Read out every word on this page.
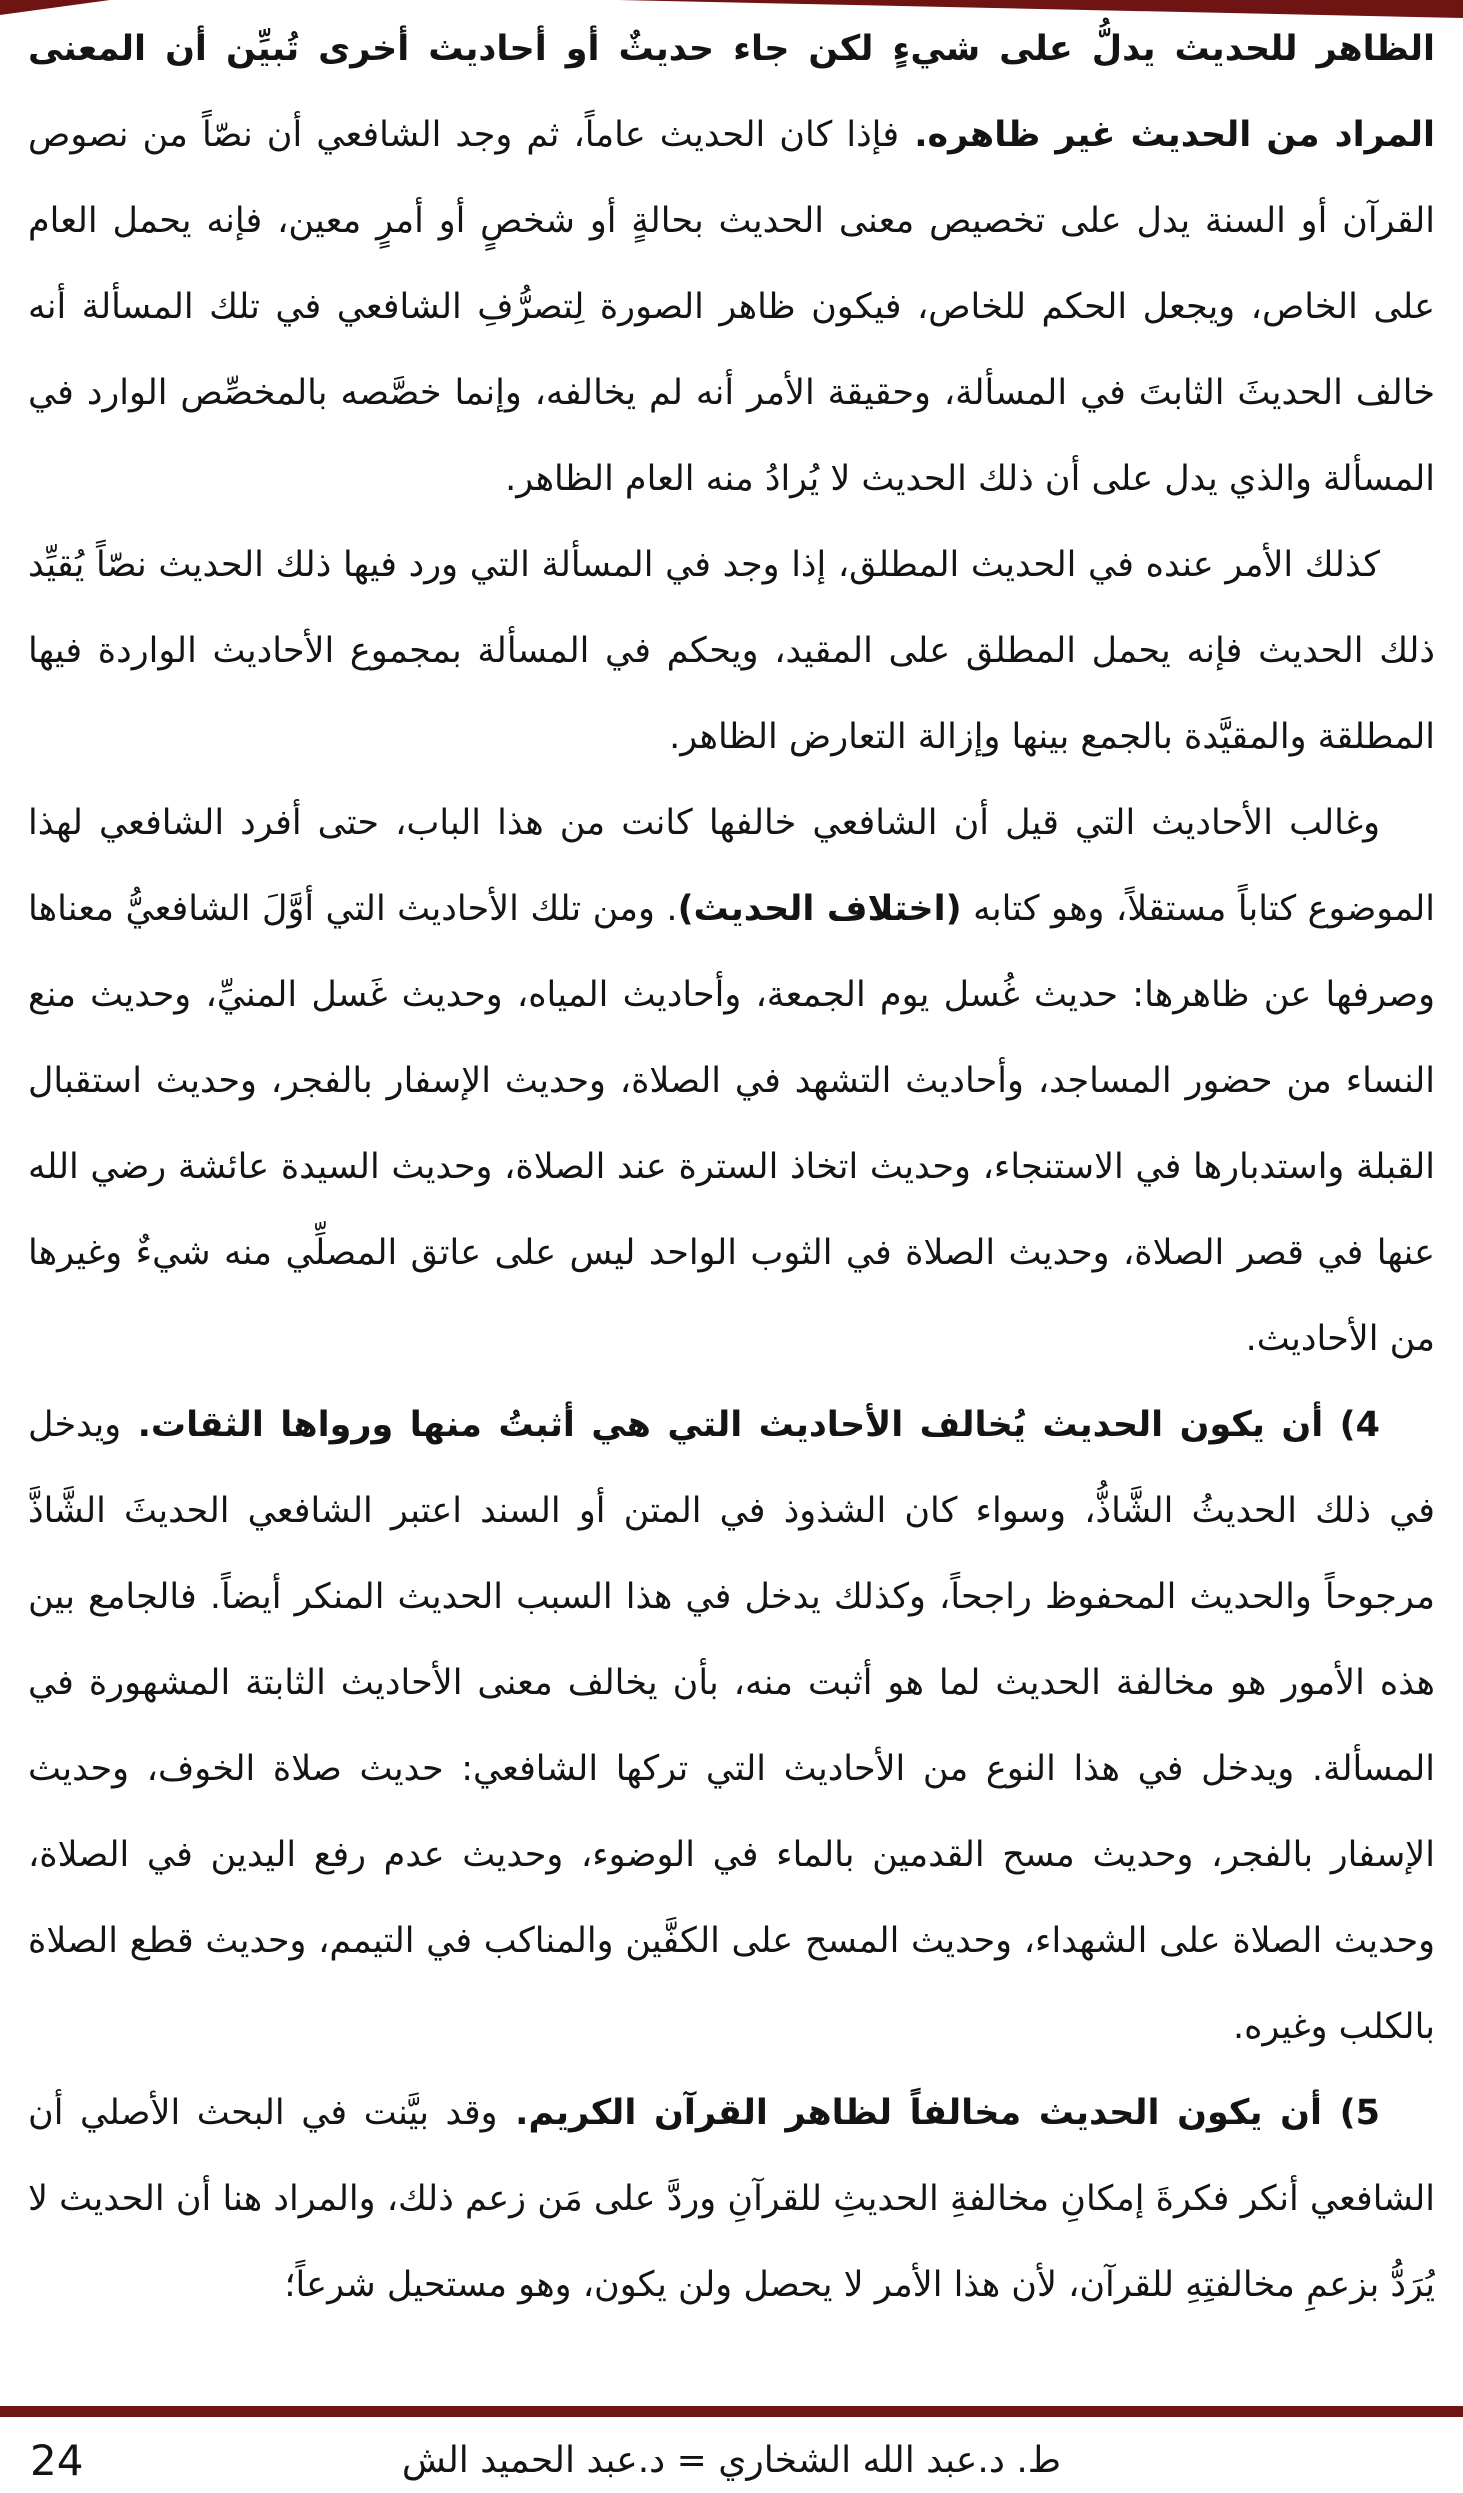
الظاهر للحديث يدلُّ على شيءٍ لكن جاء حديثٌ أو أحاديث أخرى تُبيِّن أن المعنى المراد من الحديث غير ظاهره. فإذا كان الحديث عاماً، ثم وجد الشافعي أن نصّاً من نصوص القرآن أو السنة يدل على تخصيص معنى الحديث بحالةٍ أو شخصٍ أو أمرٍ معين، فإنه يحمل العام على الخاص، ويجعل الحكم للخاص، فيكون ظاهر الصورة لِتصرُّفِ الشافعي في تلك المسألة أنه خالف الحديثَ الثابتَ في المسألة، وحقيقة الأمر أنه لم يخالفه، وإنما خصَّصه بالمخصِّص الوارد في المسألة والذي يدل على أن ذلك الحديث لا يُرادُ منه العام الظاهر.

كذلك الأمر عنده في الحديث المطلق، إذا وجد في المسألة التي ورد فيها ذلك الحديث نصّاً يُقيِّد ذلك الحديث فإنه يحمل المطلق على المقيد، ويحكم في المسألة بمجموع الأحاديث الواردة فيها المطلقة والمقيَّدة بالجمع بينها وإزالة التعارض الظاهر.

وغالب الأحاديث التي قيل أن الشافعي خالفها كانت من هذا الباب، حتى أفرد الشافعي لهذا الموضوع كتاباً مستقلاً، وهو كتابه (اختلاف الحديث). ومن تلك الأحاديث التي أوَّلَ الشافعيُّ معناها وصرفها عن ظاهرها: حديث غُسل يوم الجمعة، وأحاديث المياه، وحديث غَسل المنيِّ، وحديث منع النساء من حضور المساجد، وأحاديث التشهد في الصلاة، وحديث الإسفار بالفجر، وحديث استقبال القبلة واستدبارها في الاستنجاء، وحديث اتخاذ السترة عند الصلاة، وحديث السيدة عائشة رضي الله عنها في قصر الصلاة، وحديث الصلاة في الثوب الواحد ليس على عاتق المصلِّي منه شيءٌ وغيرها من الأحاديث.

4) أن يكون الحديث يُخالف الأحاديث التي هي أثبتُ منها ورواها الثقات. ويدخل في ذلك الحديثُ الشَّاذُّ، وسواء كان الشذوذ في المتن أو السند اعتبر الشافعي الحديثَ الشَّاذَّ مرجوحاً والحديث المحفوظ راجحاً، وكذلك يدخل في هذا السبب الحديث المنكر أيضاً. فالجامع بين هذه الأمور هو مخالفة الحديث لما هو أثبت منه، بأن يخالف معنى الأحاديث الثابتة المشهورة في المسألة. ويدخل في هذا النوع من الأحاديث التي تركها الشافعي: حديث صلاة الخوف، وحديث الإسفار بالفجر، وحديث مسح القدمين بالماء في الوضوء، وحديث عدم رفع اليدين في الصلاة، وحديث الصلاة على الشهداء، وحديث المسح على الكفَّين والمناكب في التيمم، وحديث قطع الصلاة بالكلب وغيره.

5) أن يكون الحديث مخالفاً لظاهر القرآن الكريم. وقد بيَّنت في البحث الأصلي أن الشافعي أنكر فكرةَ إمكانِ مخالفةِ الحديثِ للقرآنِ وردَّ على مَن زعم ذلك، والمراد هنا أن الحديث لا يُرَدُّ بزعمِ مخالفتِهِ للقرآن، لأن هذا الأمر لا يحصل ولن يكون، وهو مستحيل شرعاً؛

24	ط. د.عبد الله الشخاري = د.عبد الحميد الش
